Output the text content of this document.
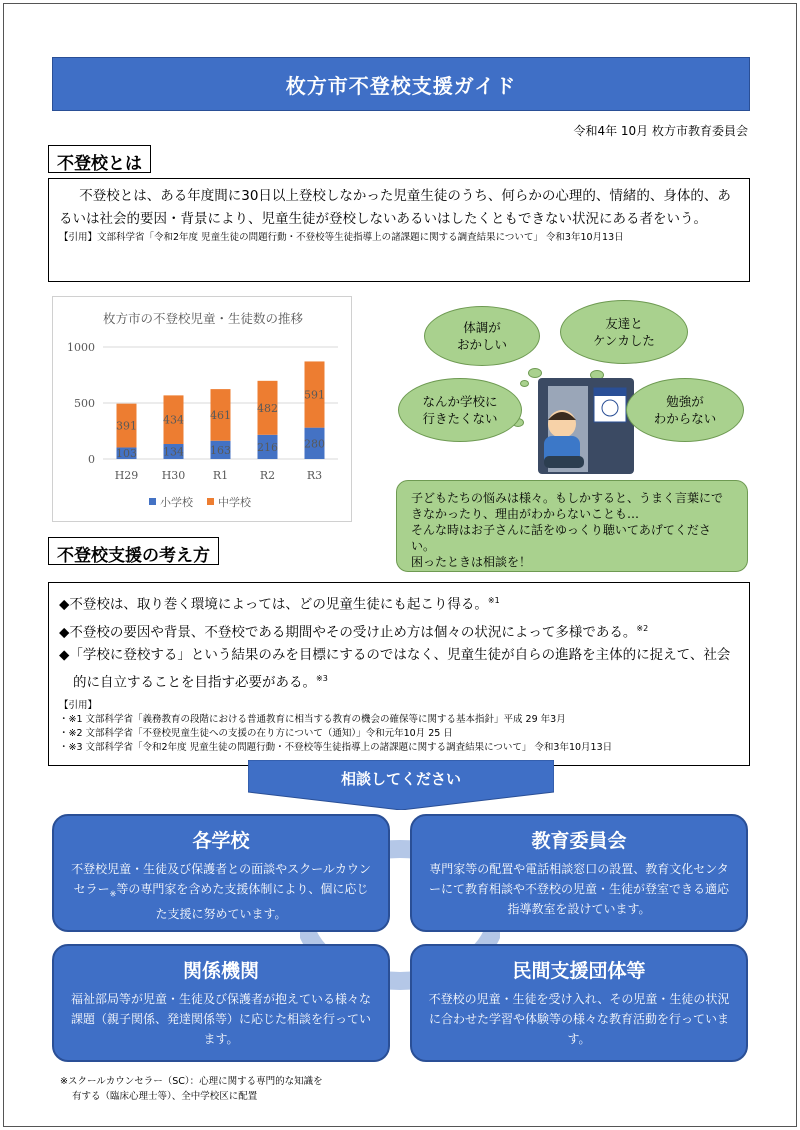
枚方市不登校支援ガイド
令和4年 10月 枚方市教育委員会
不登校とは
不登校とは、ある年度間に30日以上登校しなかった児童生徒のうち、何らかの心理的、情緒的、身体的、あるいは社会的要因・背景により、児童生徒が登校しないあるいはしたくともできない状況にある者をいう。
【引用】文部科学省「令和2年度 児童生徒の問題行動・不登校等生徒指導上の諸課題に関する調査結果について」 令和3年10月13日
枚方市の不登校児童・生徒数の推移
0
500
1000
103
391
H29
134
434
H30
163
461
R1
216
482
R2
280
591
R3
小学校 中学校
体調が
おかしい
友達と
ケンカした
なんか学校に
行きたくない
勉強が
わからない
子どもたちの悩みは様々。もしかすると、うまく言葉にできなかったり、理由がわからないことも…
そんな時はお子さんに話をゆっくり聴いてあげてください。
困ったときは相談を！
不登校支援の考え方
◆不登校は、取り巻く環境によっては、どの児童生徒にも起こり得る。$^{※1}$
◆不登校の要因や背景、不登校である期間やその受け止め方は個々の状況によって多様である。$^{※2}$
◆「学校に登校する」という結果のみを目標にするのではなく、児童生徒が自らの進路を主体的に捉えて、社会的に自立することを目指す必要がある。$^{※3}$
【引用】
・※1 文部科学省「義務教育の段階における普通教育に相当する教育の機会の確保等に関する基本指針」平成 29 年3月
・※2 文部科学省「不登校児童生徒への支援の在り方について（通知）」令和元年10月 25 日
・※3 文部科学省「令和2年度 児童生徒の問題行動・不登校等生徒指導上の諸課題に関する調査結果について」 令和3年10月13日
相談してください
各学校

不登校児童・生徒及び保護者との面談やスクールカウンセラー$_※$等の専門家を含めた支援体制により、個に応じた支援に努めています。

教育委員会

専門家等の配置や電話相談窓口の設置、教育文化センターにて教育相談や不登校の児童・生徒が登室できる適応指導教室を設けています。

関係機関

福祉部局等が児童・生徒及び保護者が抱えている様々な課題（親子関係、発達関係等）に応じた相談を行っています。

民間支援団体等

不登校の児童・生徒を受け入れ、その児童・生徒の状況に合わせた学習や体験等の様々な教育活動を行っています。

※スクールカウンセラー（SC）：心理に関する専門的な知識を
有する（臨床心理士等）、全中学校区に配置
